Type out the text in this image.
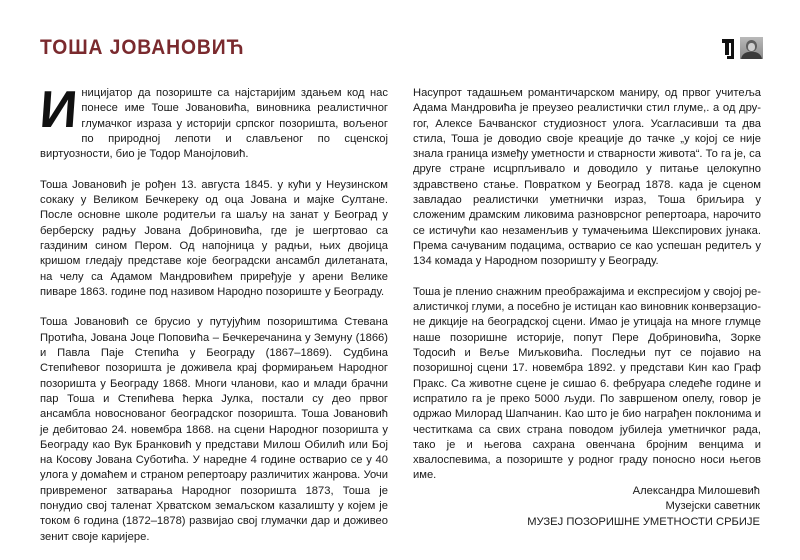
ТОША ЈОВАНОВИЋ

Иницијатор да позориште са најстаријим здањем код нас понесе име Тоше Јовановића, виновника реалистичног глумачког израза у историји српског позоришта, вољеног по природној лепоти и слављеног по сценској виртуозности, био је Тодор Манојловић.

Тоша Јовановић је рођен 13. августа 1845. у кући у Неузинском сокаку у Великом Бечкереку од оца Јована и мајке Султане. После основне школе родитељи га шаљу на занат у Београд у берберску радњу Јована Добриновића, где је шегртовао са газдиним сином Пером. Од напојница у радњи, њих двојица кришом гледају представе које београдски ансамбл дилетаната, на челу са Адамом Мандровићем приређује у арени Велике пиваре 1863. године под називом Народно позориште у Београду.

Тоша Јовановић се брусио у путујућим позориштима Стевана Протића, Јована Јоце Поповића – Бечкеречанина у Земуну (1866) и Павла Паје Степића у Београду (1867–1869). Судбина Степићевог позоришта је доживела крај формирањем Народног позоришта у Београду 1868. Многи чланови, као и млади брачни пар Тоша и Степићева ћерка Јулка, постали су део првог ансамбла новоснованог београдског позоришта. Тоша Јовановић је дебитовао 24. новембра 1868. на сцени Народног позоришта у Београду као Вук Бранковић у представи Милош Обилић или Бој на Косову Јована Суботића. У наредне 4 године остварио се у 40 улога у домаћем и страном репертоару различитих жанрова. Уочи привременог затварања Народног позоришта 1873, Тоша је понудио свој таленат Хрватском земаљском казалишту у којем је током 6 година (1872–1878) развијао свој глумачки дар и доживео зенит своје каријере.

Насупрот тадашњем романтичарском маниру, од првог учитеља Адама Мандровића је преузео реалистички стил глуме,. а од другог, Алексе Бачванског студиозност улога. Усагласивши та два стила, Тоша је доводио своје креације до тачке „у којој се није знала граница између уметности и стварности живота“. То га је, са друге стране исцрпљивало и доводило у питање целокупно здравствено стање. Повратком у Београд 1878. када је сценом завладао реалистички уметнички израз, Тоша бриљира у сложеним драмским ликовима разноврсног репертоара, нарочито се истичући као незаменљив у тумачењима Шекспирових јунака. Према сачуваним подацима, остварио се као успешан редитељ у 134 комада у Народном позоришту у Београду.

Тоша је пленио снажним преображајима и експресијом у својој реалистичкој глуми, а посебно је истицан као виновник конверзационе дикције на београдској сцени. Имао је утицаја на многе глумце наше позоришне историје, попут Пере Добриновића, Зорке Тодосић и Веље Миљковића. Последњи пут се појавио на позоришној сцени 17. новембра 1892. у представи Кин као Граф Пракс. Са животне сцене је сишао 6. фебруара следеће године и испратило га је преко 5000 људи. По завршеном опелу, говор је одржао Милорад Шапчанин. Као што је био награђен поклонима и честиткама са свих страна поводом јубилеја уметничког рада, тако је и његова сахрана овенчана бројним венцима и хвалоспевима, а позориште у родног граду поносно носи његов име.

Александра Милошевић
Музејски саветник
МУЗЕЈ ПОЗОРИШНЕ УМЕТНОСТИ СРБИЈЕ
